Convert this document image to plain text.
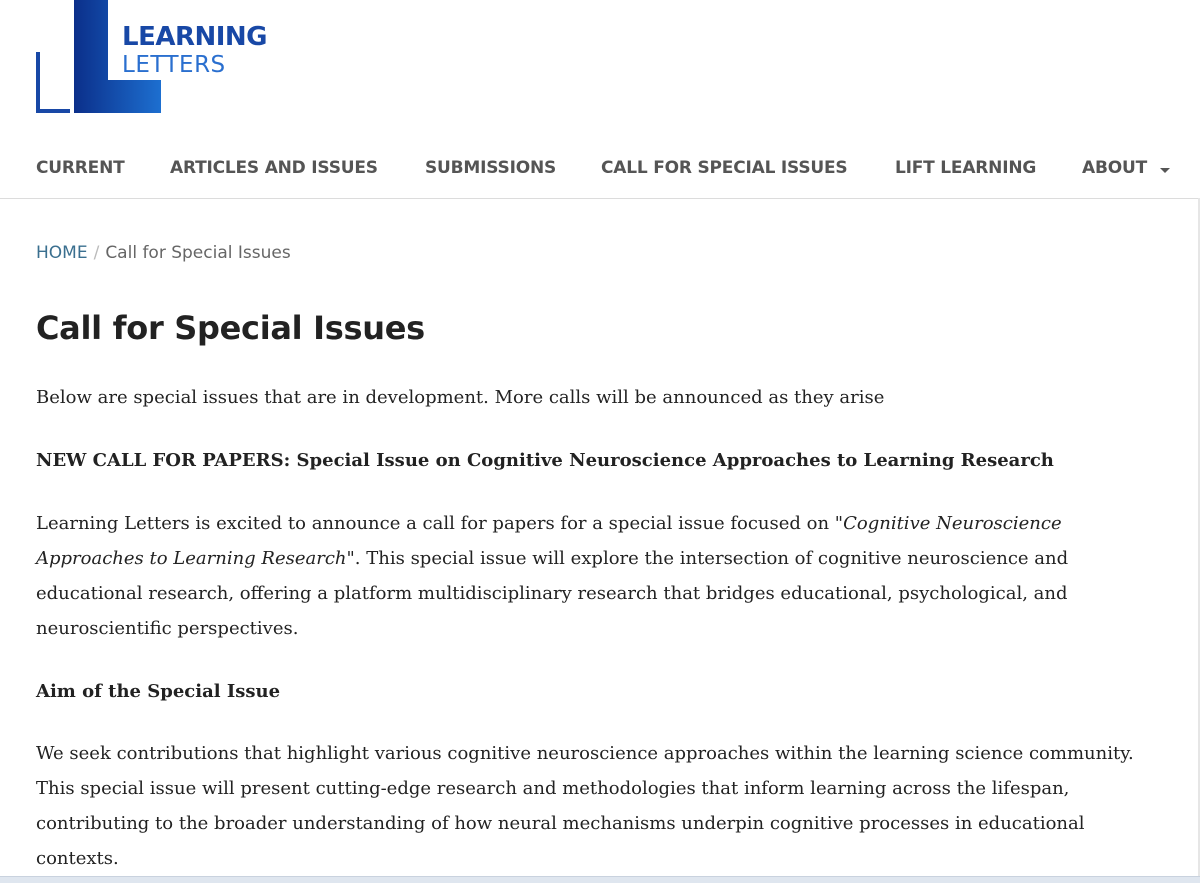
LEARNING
LETTERS
CURRENT	ARTICLES AND ISSUES	SUBMISSIONS	CALL FOR SPECIAL ISSUES	LIFT LEARNING	ABOUT
HOME / Call for Special Issues
Call for Special Issues

Below are special issues that are in development. More calls will be announced as they arise

NEW CALL FOR PAPERS: Special Issue on Cognitive Neuroscience Approaches to Learning Research

Learning Letters is excited to announce a call for papers for a special issue focused on "Cognitive Neuroscience Approaches to Learning Research". This special issue will explore the intersection of cognitive neuroscience and educational research, offering a platform multidisciplinary research that bridges educational, psychological, and neuroscientific perspectives.

Aim of the Special Issue

We seek contributions that highlight various cognitive neuroscience approaches within the learning science community. This special issue will present cutting-edge research and methodologies that inform learning across the lifespan, contributing to the broader understanding of how neural mechanisms underpin cognitive processes in educational contexts.
